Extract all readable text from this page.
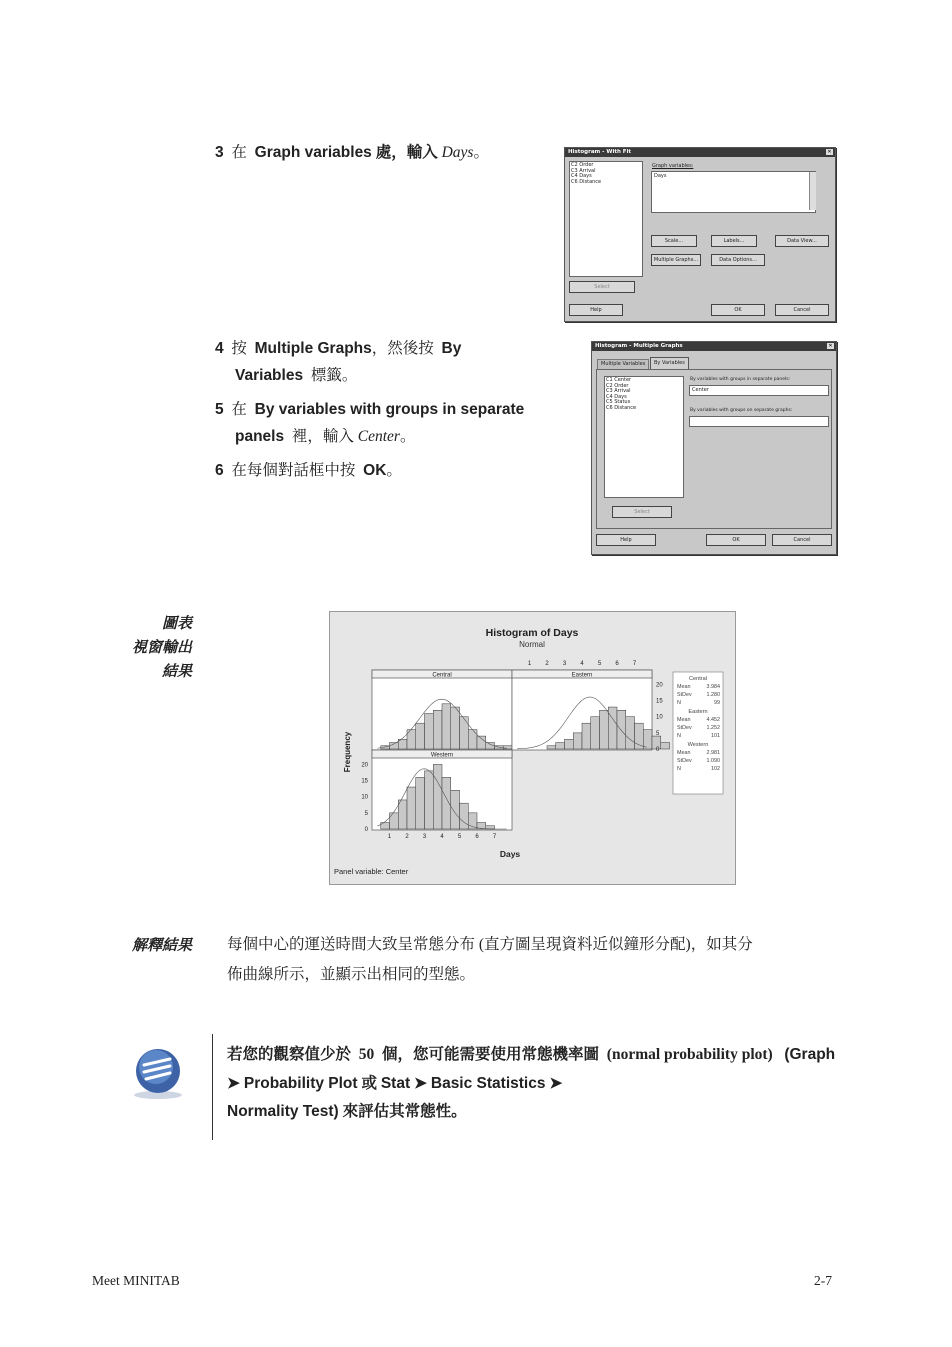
3 在 Graph variables 處，輸入 Days。	Histogram - With Fit	✕
C2 Order
C3 Arrival
C4 Days
C6 Distance
Graph variables:
Days
Scale...	Labels...	Data View...
Multiple Graphs...	Data Options...
Select
Help	OK	Cancel
4 按 Multiple Graphs，然後按 By
Variables 標籤。
5 在 By variables with groups in separate
panels 裡，輸入 Center。
6 在每個對話框中按 OK。
Histogram - Multiple Graphs	✕
Multiple Variables	By Variables
C1 Center
C2 Order
C3 Arrival
C4 Days
C5 Status
C6 Distance
By variables with groups in separate panels:
Center
By variables with groups on separate graphs:
Select
Help	OK	Cancel
圖表
視窗輸出
結果
Histogram of Days
Normal
Days
Frequency
Panel variable: Center
Central	Eastern
Western
1
1
2
2
3
3
4
4
5
5
6
6
7
7
0
0
5
5
10
10
15
15
20
20
Central
Mean	3.984
StDev	1.280
N	99
Eastern
Mean	4.452
StDev	1.252
N	101
Western
Mean	2.981
StDev	1.090
N	102
解釋結果 每個中心的運送時間大致呈常態分布 (直方圖呈現資料近似鐘形分配)，如其分
佈曲線所示，並顯示出相同的型態。
若您的觀察值少於 50 個，您可能需要使用常態機率圖 (normal probability plot) (Graph ➤ Probability Plot 或 Stat ➤ Basic Statistics ➤
Normality Test) 來評估其常態性。
Meet MINITAB	2-7
